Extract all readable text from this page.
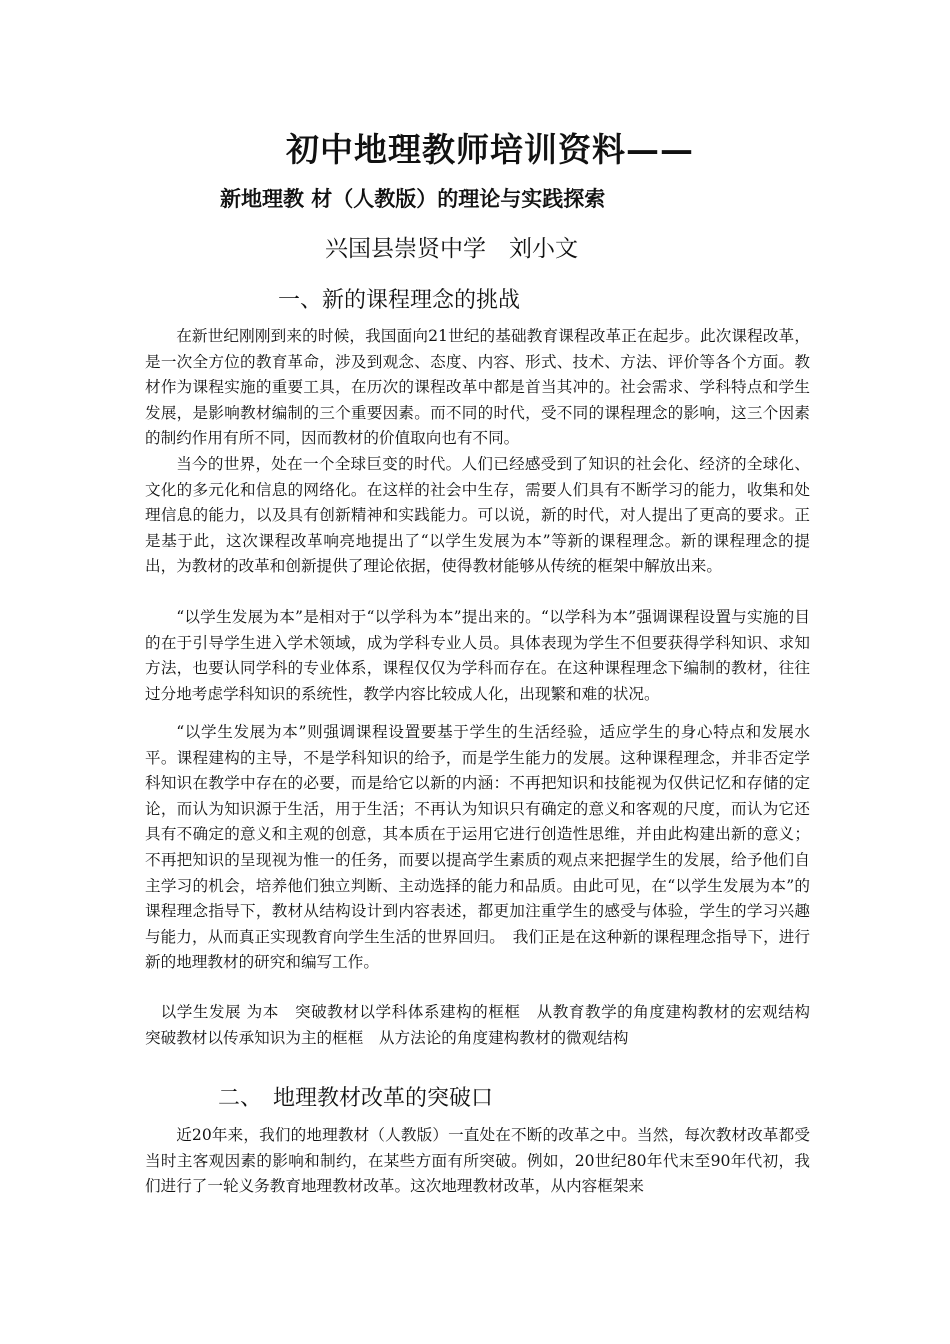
初中地理教师培训资料——
新地理教 材（人教版）的理论与实践探索
兴国县崇贤中学　刘小文
一、新的课程理念的挑战

在新世纪刚刚到来的时候，我国面向21世纪的基础教育课程改革正在起步。此次课程改革，是一次全方位的教育革命，涉及到观念、态度、内容、形式、技术、方法、评价等各个方面。教材作为课程实施的重要工具，在历次的课程改革中都是首当其冲的。社会需求、学科特点和学生发展，是影响教材编制的三个重要因素。而不同的时代，受不同的课程理念的影响，这三个因素的制约作用有所不同，因而教材的价值取向也有不同。

当今的世界，处在一个全球巨变的时代。人们已经感受到了知识的社会化、经济的全球化、文化的多元化和信息的网络化。在这样的社会中生存，需要人们具有不断学习的能力，收集和处理信息的能力，以及具有创新精神和实践能力。可以说，新的时代，对人提出了更高的要求。正是基于此，这次课程改革响亮地提出了“以学生发展为本”等新的课程理念。新的课程理念的提出，为教材的改革和创新提供了理论依据，使得教材能够从传统的框架中解放出来。

“以学生发展为本”是相对于“以学科为本”提出来的。“以学科为本”强调课程设置与实施的目的在于引导学生进入学术领域，成为学科专业人员。具体表现为学生不但要获得学科知识、求知方法，也要认同学科的专业体系，课程仅仅为学科而存在。在这种课程理念下编制的教材，往往过分地考虑学科知识的系统性，教学内容比较成人化，出现繁和难的状况。

“以学生发展为本”则强调课程设置要基于学生的生活经验，适应学生的身心特点和发展水平。课程建构的主导，不是学科知识的给予，而是学生能力的发展。这种课程理念，并非否定学科知识在教学中存在的必要，而是给它以新的内涵：不再把知识和技能视为仅供记忆和存储的定论，而认为知识源于生活，用于生活；不再认为知识只有确定的意义和客观的尺度，而认为它还具有不确定的意义和主观的创意，其本质在于运用它进行创造性思维，并由此构建出新的意义；不再把知识的呈现视为惟一的任务，而要以提高学生素质的观点来把握学生的发展，给予他们自主学习的机会，培养他们独立判断、主动选择的能力和品质。由此可见，在“以学生发展为本”的课程理念指导下，教材从结构设计到内容表述，都更加注重学生的感受与体验，学生的学习兴趣与能力，从而真正实现教育向学生生活的世界回归。　我们正是在这种新的课程理念指导下，进行新的地理教材的研究和编写工作。

以学生发展 为本　突破教材以学科体系建构的框框　从教育教学的角度建构教材的宏观结构　突破教材以传承知识为主的框框　从方法论的角度建构教材的微观结构

二、　地理教材改革的突破口

近20年来，我们的地理教材（人教版）一直处在不断的改革之中。当然，每次教材改革都受当时主客观因素的影响和制约，在某些方面有所突破。例如，20世纪80年代末至90年代初，我们进行了一轮义务教育地理教材改革。这次地理教材改革，从内容框架来
